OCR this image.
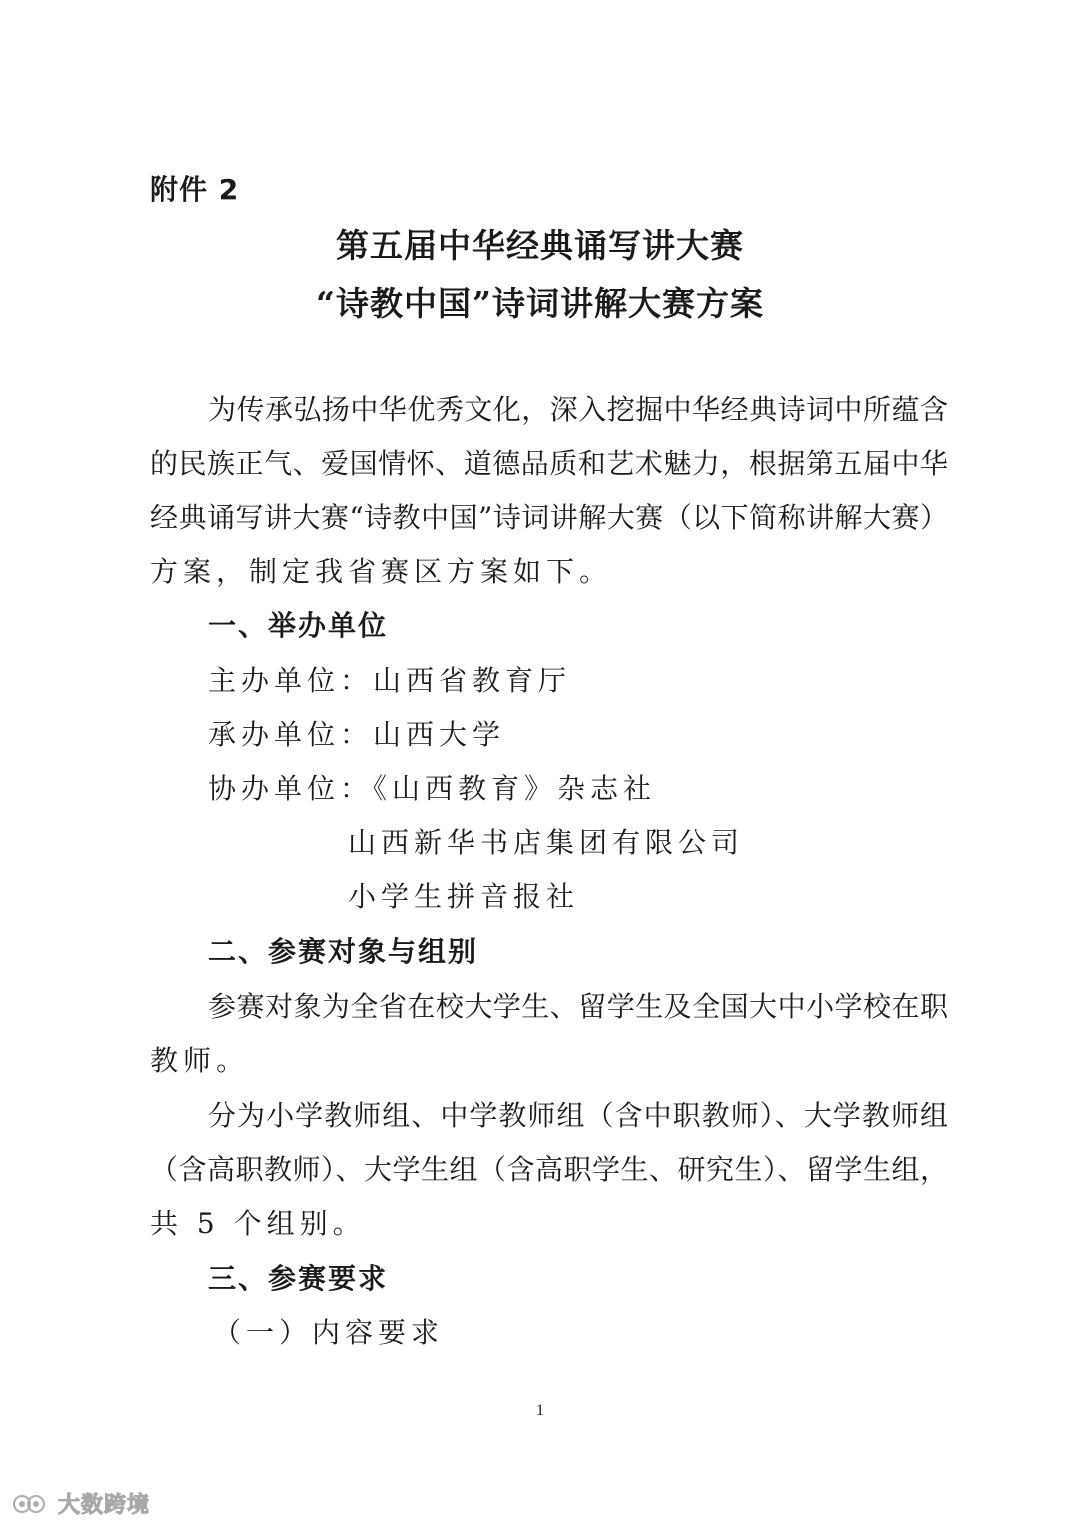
附件 2
第五届中华经典诵写讲大赛
“诗教中国”诗词讲解大赛方案
为传承弘扬中华优秀文化，深入挖掘中华经典诗词中所蕴含
的民族正气、爱国情怀、道德品质和艺术魅力，根据第五届中华
经典诵写讲大赛“诗教中国”诗词讲解大赛（以下简称讲解大赛）
方案，制定我省赛区方案如下。
一、举办单位
主办单位：山西省教育厅
承办单位：山西大学
协办单位：《山西教育》杂志社
山西新华书店集团有限公司
小学生拼音报社
二、参赛对象与组别
参赛对象为全省在校大学生、留学生及全国大中小学校在职
教师。
分为小学教师组、中学教师组（含中职教师）、大学教师组
（含高职教师）、大学生组（含高职学生、研究生）、留学生组，
共 5 个组别。
三、参赛要求
（一）内容要求
1
大数跨境
